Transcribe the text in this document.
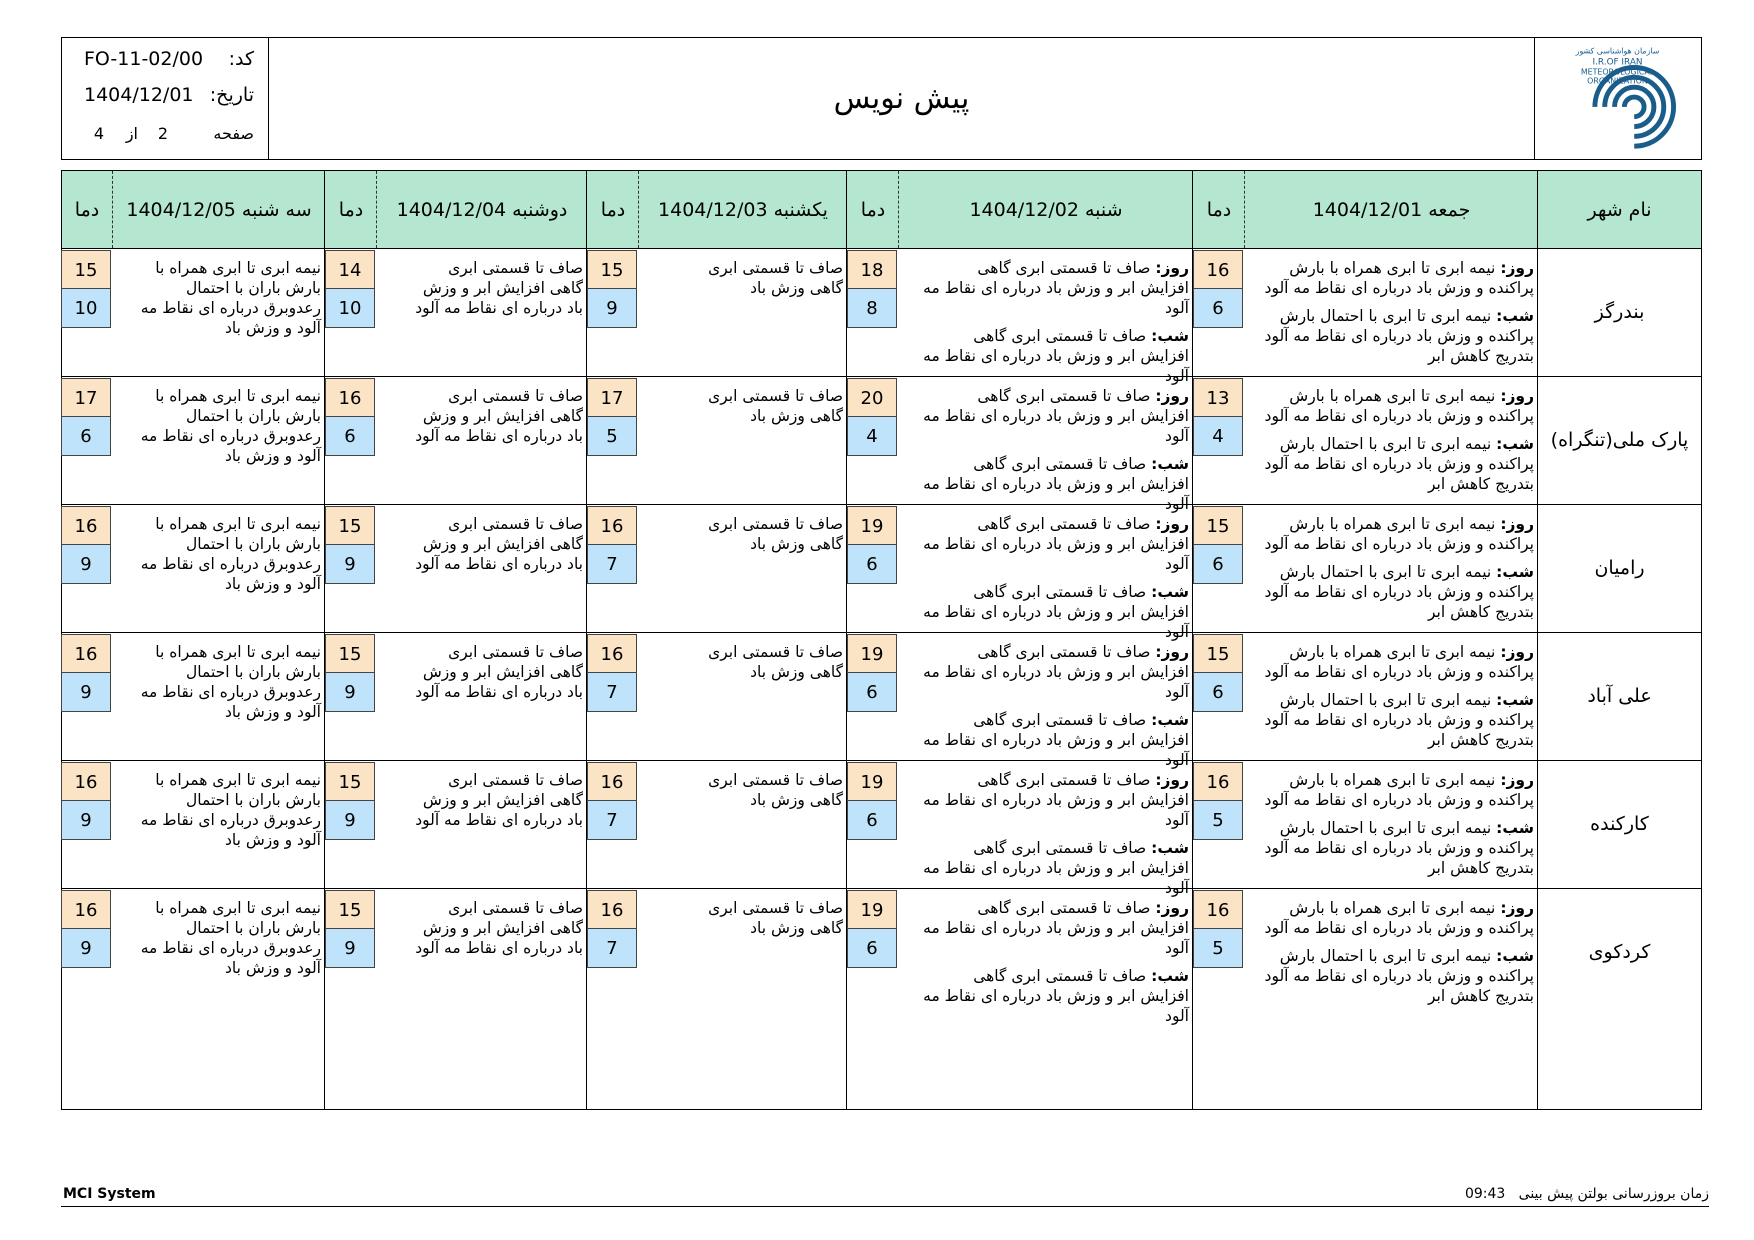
کد:
FO-11-02/00
تاریخ:
1404/12/01
صفحه
2
از
4
پیش نویس
سازمان هواشناسی کشور
I.R.OF IRAN
METEOROLOGICAL
ORGANIZATION
نام شهر
جمعه 1404/12/01
دما
شنبه 1404/12/02
دما
یکشنبه 1404/12/03
دما
دوشنبه 1404/12/04
دما
سه شنبه 1404/12/05
دما
بندرگز
روز: نیمه ابری تا ابری همراه با بارش
پراکنده و وزش باد درباره ای نقاط مه آلود
شب: نیمه ابری تا ابری با احتمال بارش
پراکنده و وزش باد درباره ای نقاط مه آلود
بتدریج کاهش ابر
16
6
روز: صاف تا قسمتی ابری گاهی
افزایش ابر و وزش باد درباره ای نقاط مه
آلود
شب: صاف تا قسمتی ابری گاهی
افزایش ابر و وزش باد درباره ای نقاط مه
آلود
18
8
صاف تا قسمتی ابری
گاهی وزش باد
15
9
صاف تا قسمتی ابری
گاهی افزایش ابر و وزش
باد درباره ای نقاط مه آلود
14
10
نیمه ابری تا ابری همراه با
بارش باران با احتمال
رعدوبرق درباره ای نقاط مه
آلود و وزش باد
15
10
پارک ملی(تنگراه)
روز: نیمه ابری تا ابری همراه با بارش
پراکنده و وزش باد درباره ای نقاط مه آلود
شب: نیمه ابری تا ابری با احتمال بارش
پراکنده و وزش باد درباره ای نقاط مه آلود
بتدریج کاهش ابر
13
4
روز: صاف تا قسمتی ابری گاهی
افزایش ابر و وزش باد درباره ای نقاط مه
آلود
شب: صاف تا قسمتی ابری گاهی
افزایش ابر و وزش باد درباره ای نقاط مه
آلود
20
4
صاف تا قسمتی ابری
گاهی وزش باد
17
5
صاف تا قسمتی ابری
گاهی افزایش ابر و وزش
باد درباره ای نقاط مه آلود
16
6
نیمه ابری تا ابری همراه با
بارش باران با احتمال
رعدوبرق درباره ای نقاط مه
آلود و وزش باد
17
6
رامیان
روز: نیمه ابری تا ابری همراه با بارش
پراکنده و وزش باد درباره ای نقاط مه آلود
شب: نیمه ابری تا ابری با احتمال بارش
پراکنده و وزش باد درباره ای نقاط مه آلود
بتدریج کاهش ابر
15
6
روز: صاف تا قسمتی ابری گاهی
افزایش ابر و وزش باد درباره ای نقاط مه
آلود
شب: صاف تا قسمتی ابری گاهی
افزایش ابر و وزش باد درباره ای نقاط مه
آلود
19
6
صاف تا قسمتی ابری
گاهی وزش باد
16
7
صاف تا قسمتی ابری
گاهی افزایش ابر و وزش
باد درباره ای نقاط مه آلود
15
9
نیمه ابری تا ابری همراه با
بارش باران با احتمال
رعدوبرق درباره ای نقاط مه
آلود و وزش باد
16
9
علی آباد
روز: نیمه ابری تا ابری همراه با بارش
پراکنده و وزش باد درباره ای نقاط مه آلود
شب: نیمه ابری تا ابری با احتمال بارش
پراکنده و وزش باد درباره ای نقاط مه آلود
بتدریج کاهش ابر
15
6
روز: صاف تا قسمتی ابری گاهی
افزایش ابر و وزش باد درباره ای نقاط مه
آلود
شب: صاف تا قسمتی ابری گاهی
افزایش ابر و وزش باد درباره ای نقاط مه
آلود
19
6
صاف تا قسمتی ابری
گاهی وزش باد
16
7
صاف تا قسمتی ابری
گاهی افزایش ابر و وزش
باد درباره ای نقاط مه آلود
15
9
نیمه ابری تا ابری همراه با
بارش باران با احتمال
رعدوبرق درباره ای نقاط مه
آلود و وزش باد
16
9
کارکنده
روز: نیمه ابری تا ابری همراه با بارش
پراکنده و وزش باد درباره ای نقاط مه آلود
شب: نیمه ابری تا ابری با احتمال بارش
پراکنده و وزش باد درباره ای نقاط مه آلود
بتدریج کاهش ابر
16
5
روز: صاف تا قسمتی ابری گاهی
افزایش ابر و وزش باد درباره ای نقاط مه
آلود
شب: صاف تا قسمتی ابری گاهی
افزایش ابر و وزش باد درباره ای نقاط مه
آلود
19
6
صاف تا قسمتی ابری
گاهی وزش باد
16
7
صاف تا قسمتی ابری
گاهی افزایش ابر و وزش
باد درباره ای نقاط مه آلود
15
9
نیمه ابری تا ابری همراه با
بارش باران با احتمال
رعدوبرق درباره ای نقاط مه
آلود و وزش باد
16
9
کردکوی
روز: نیمه ابری تا ابری همراه با بارش
پراکنده و وزش باد درباره ای نقاط مه آلود
شب: نیمه ابری تا ابری با احتمال بارش
پراکنده و وزش باد درباره ای نقاط مه آلود
بتدریج کاهش ابر
16
5
روز: صاف تا قسمتی ابری گاهی
افزایش ابر و وزش باد درباره ای نقاط مه
آلود
شب: صاف تا قسمتی ابری گاهی
افزایش ابر و وزش باد درباره ای نقاط مه
آلود
19
6
صاف تا قسمتی ابری
گاهی وزش باد
16
7
صاف تا قسمتی ابری
گاهی افزایش ابر و وزش
باد درباره ای نقاط مه آلود
15
9
نیمه ابری تا ابری همراه با
بارش باران با احتمال
رعدوبرق درباره ای نقاط مه
آلود و وزش باد
16
9
MCI System	زمان بروزرسانی بولتن پیش بینی   09:43
